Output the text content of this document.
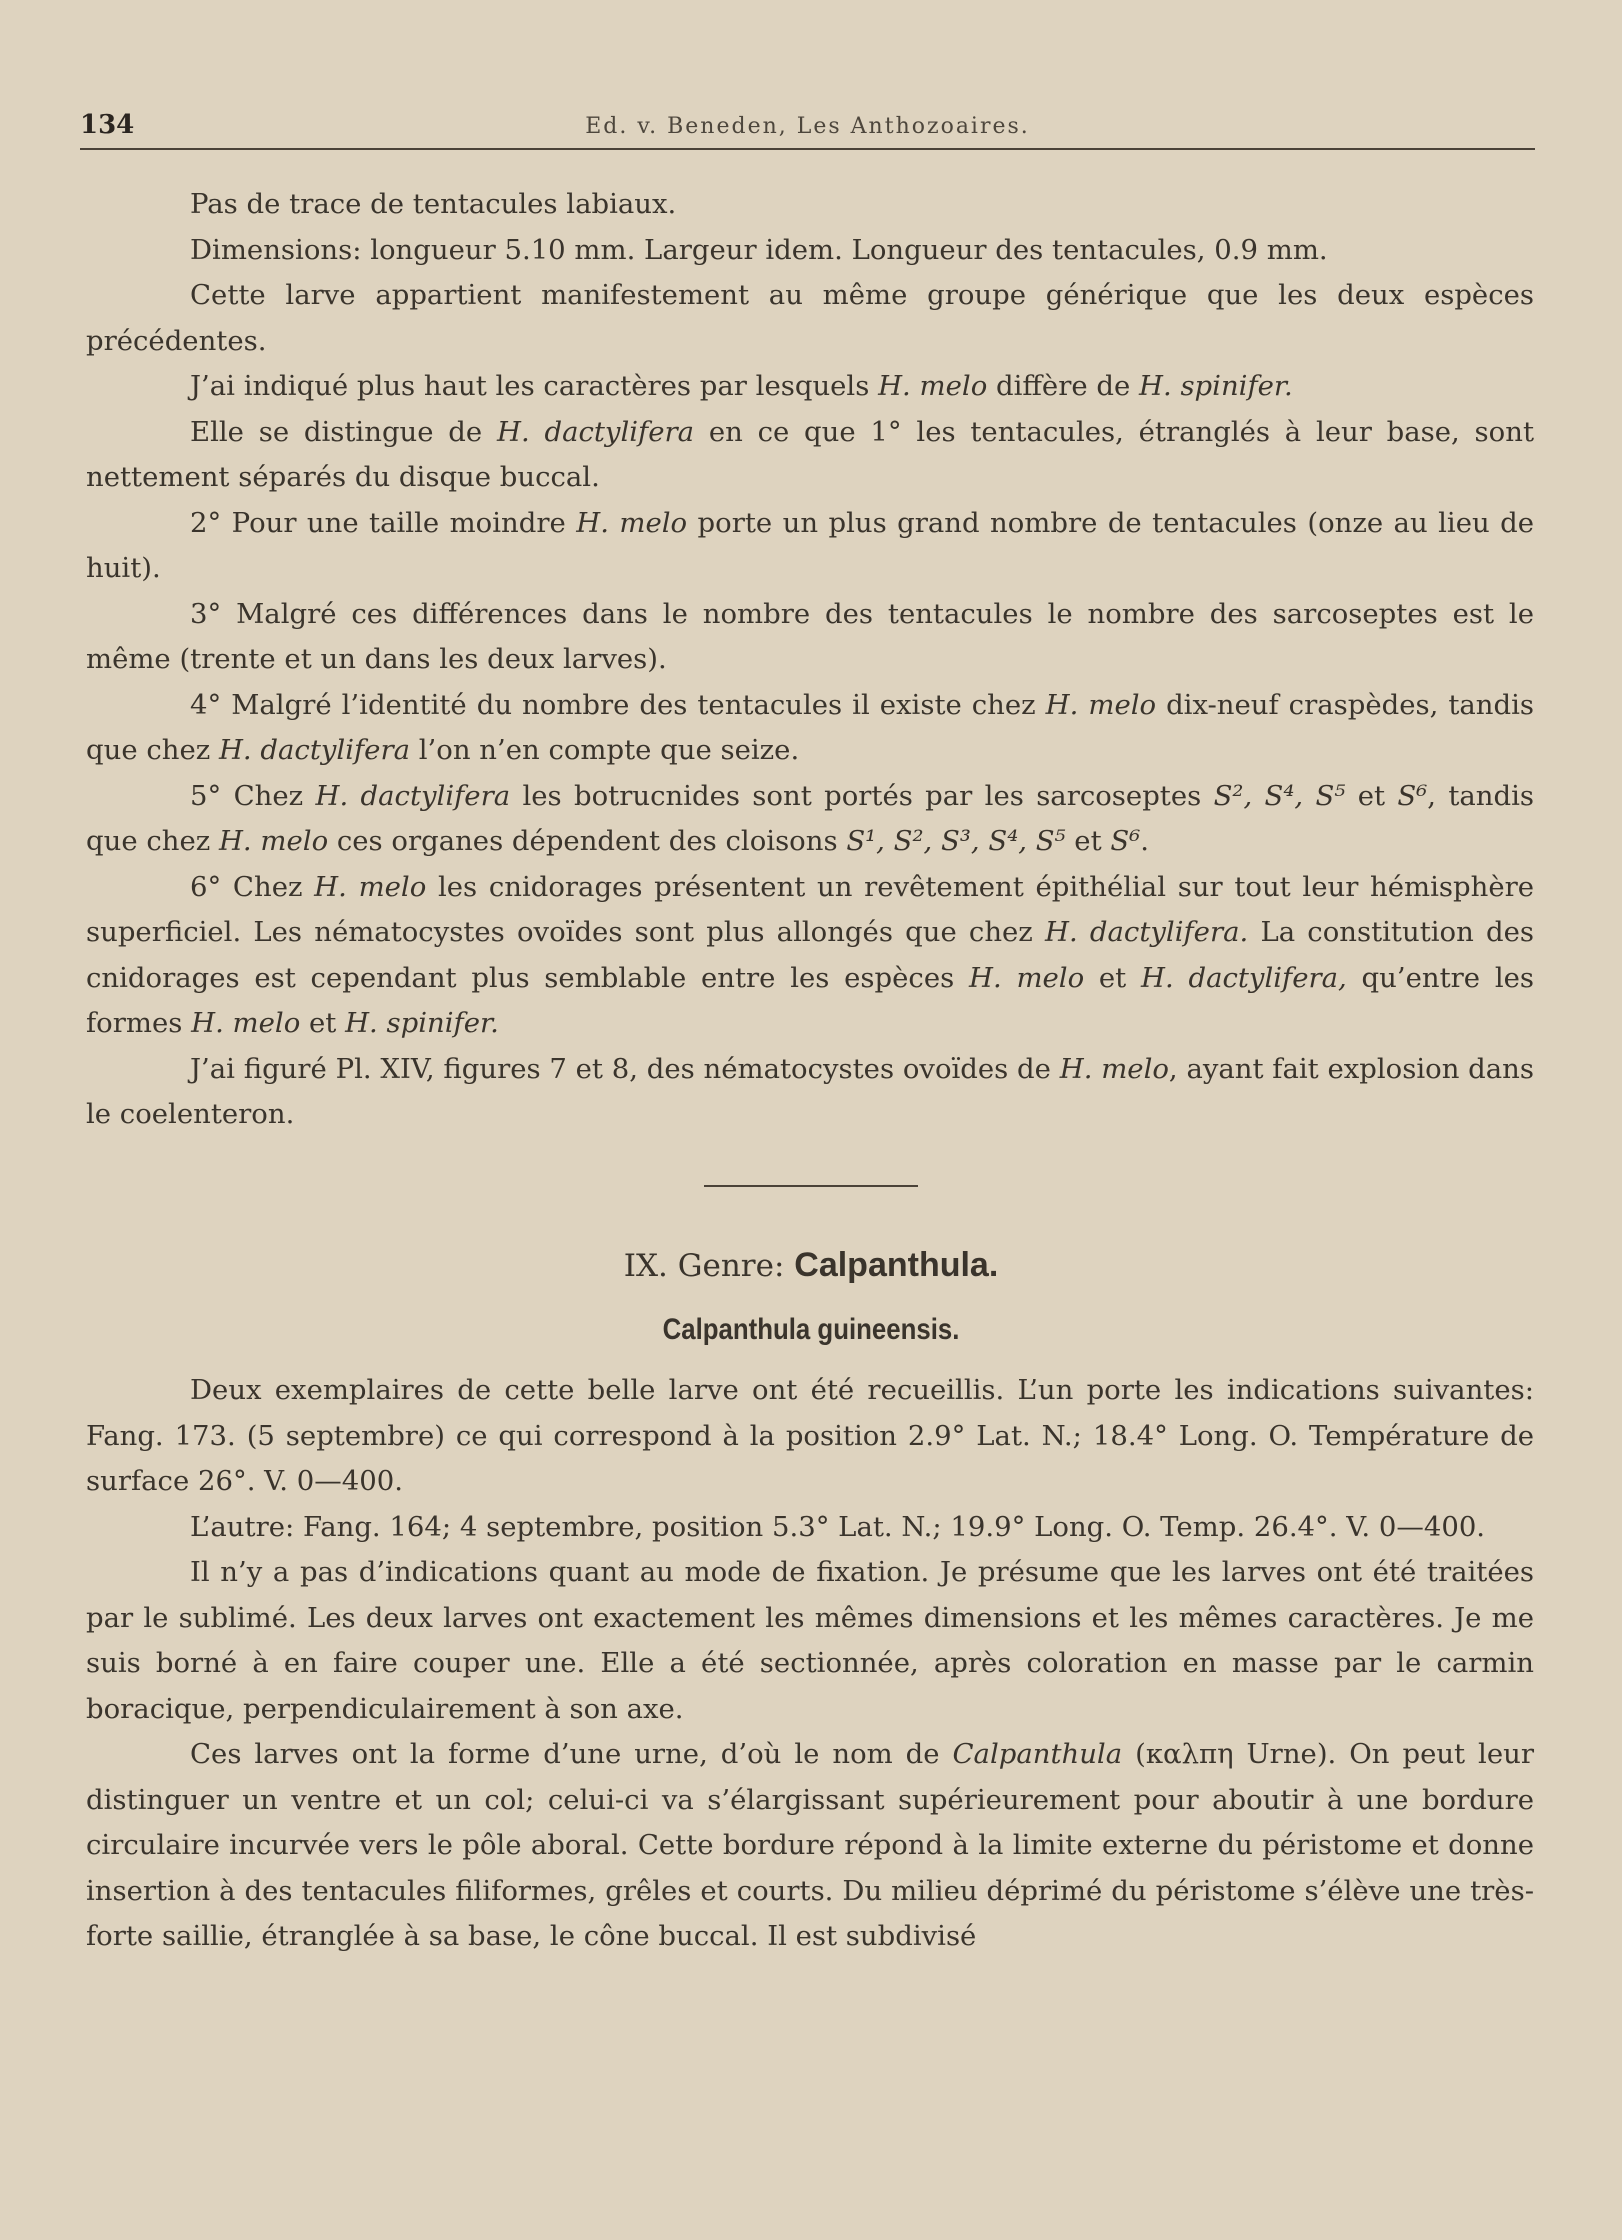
134	Ed. v. Beneden, Les Anthozoaires.

Pas de trace de tentacules labiaux.

Dimensions: longueur 5.10 mm. Largeur idem. Longueur des tentacules, 0.9 mm.

Cette larve appartient manifestement au même groupe générique que les deux espèces précédentes.

J’ai indiqué plus haut les caractères par lesquels H. melo diffère de H. spinifer.

Elle se distingue de H. dactylifera en ce que 1° les tentacules, étranglés à leur base, sont nettement séparés du disque buccal.

2° Pour une taille moindre H. melo porte un plus grand nombre de tentacules (onze au lieu de huit).

3° Malgré ces différences dans le nombre des tentacules le nombre des sarcoseptes est le même (trente et un dans les deux larves).

4° Malgré l’identité du nombre des tentacules il existe chez H. melo dix-neuf craspèdes, tandis que chez H. dactylifera l’on n’en compte que seize.

5° Chez H. dactylifera les botrucnides sont portés par les sarcoseptes S², S⁴, S⁵ et S⁶, tandis que chez H. melo ces organes dépendent des cloisons S¹, S², S³, S⁴, S⁵ et S⁶.

6° Chez H. melo les cnidorages présentent un revêtement épithélial sur tout leur hémisphère superficiel. Les nématocystes ovoïdes sont plus allongés que chez H. dactylifera. La constitution des cnidorages est cependant plus semblable entre les espèces H. melo et H. dactylifera, qu’entre les formes H. melo et H. spinifer.

J’ai figuré Pl. XIV, figures 7 et 8, des nématocystes ovoïdes de H. melo, ayant fait explosion dans le coelenteron.

IX. Genre: Calpanthula.
Calpanthula guineensis.

Deux exemplaires de cette belle larve ont été recueillis. L’un porte les indications suivantes: Fang. 173. (5 septembre) ce qui correspond à la position 2.9° Lat. N.; 18.4° Long. O. Température de surface 26°. V. 0—400.

L’autre: Fang. 164; 4 septembre, position 5.3° Lat. N.; 19.9° Long. O. Temp. 26.4°. V. 0—400.

Il n’y a pas d’indications quant au mode de fixation. Je présume que les larves ont été traitées par le sublimé. Les deux larves ont exactement les mêmes dimensions et les mêmes caractères. Je me suis borné à en faire couper une. Elle a été sectionnée, après coloration en masse par le carmin boracique, perpendiculairement à son axe.

Ces larves ont la forme d’une urne, d’où le nom de Calpanthula (καλπη Urne). On peut leur distinguer un ventre et un col; celui-ci va s’élargissant supérieurement pour aboutir à une bordure circulaire incurvée vers le pôle aboral. Cette bordure répond à la limite externe du péristome et donne insertion à des tentacules filiformes, grêles et courts. Du milieu déprimé du péristome s’élève une très-forte saillie, étranglée à sa base, le cône buccal. Il est subdivisé
